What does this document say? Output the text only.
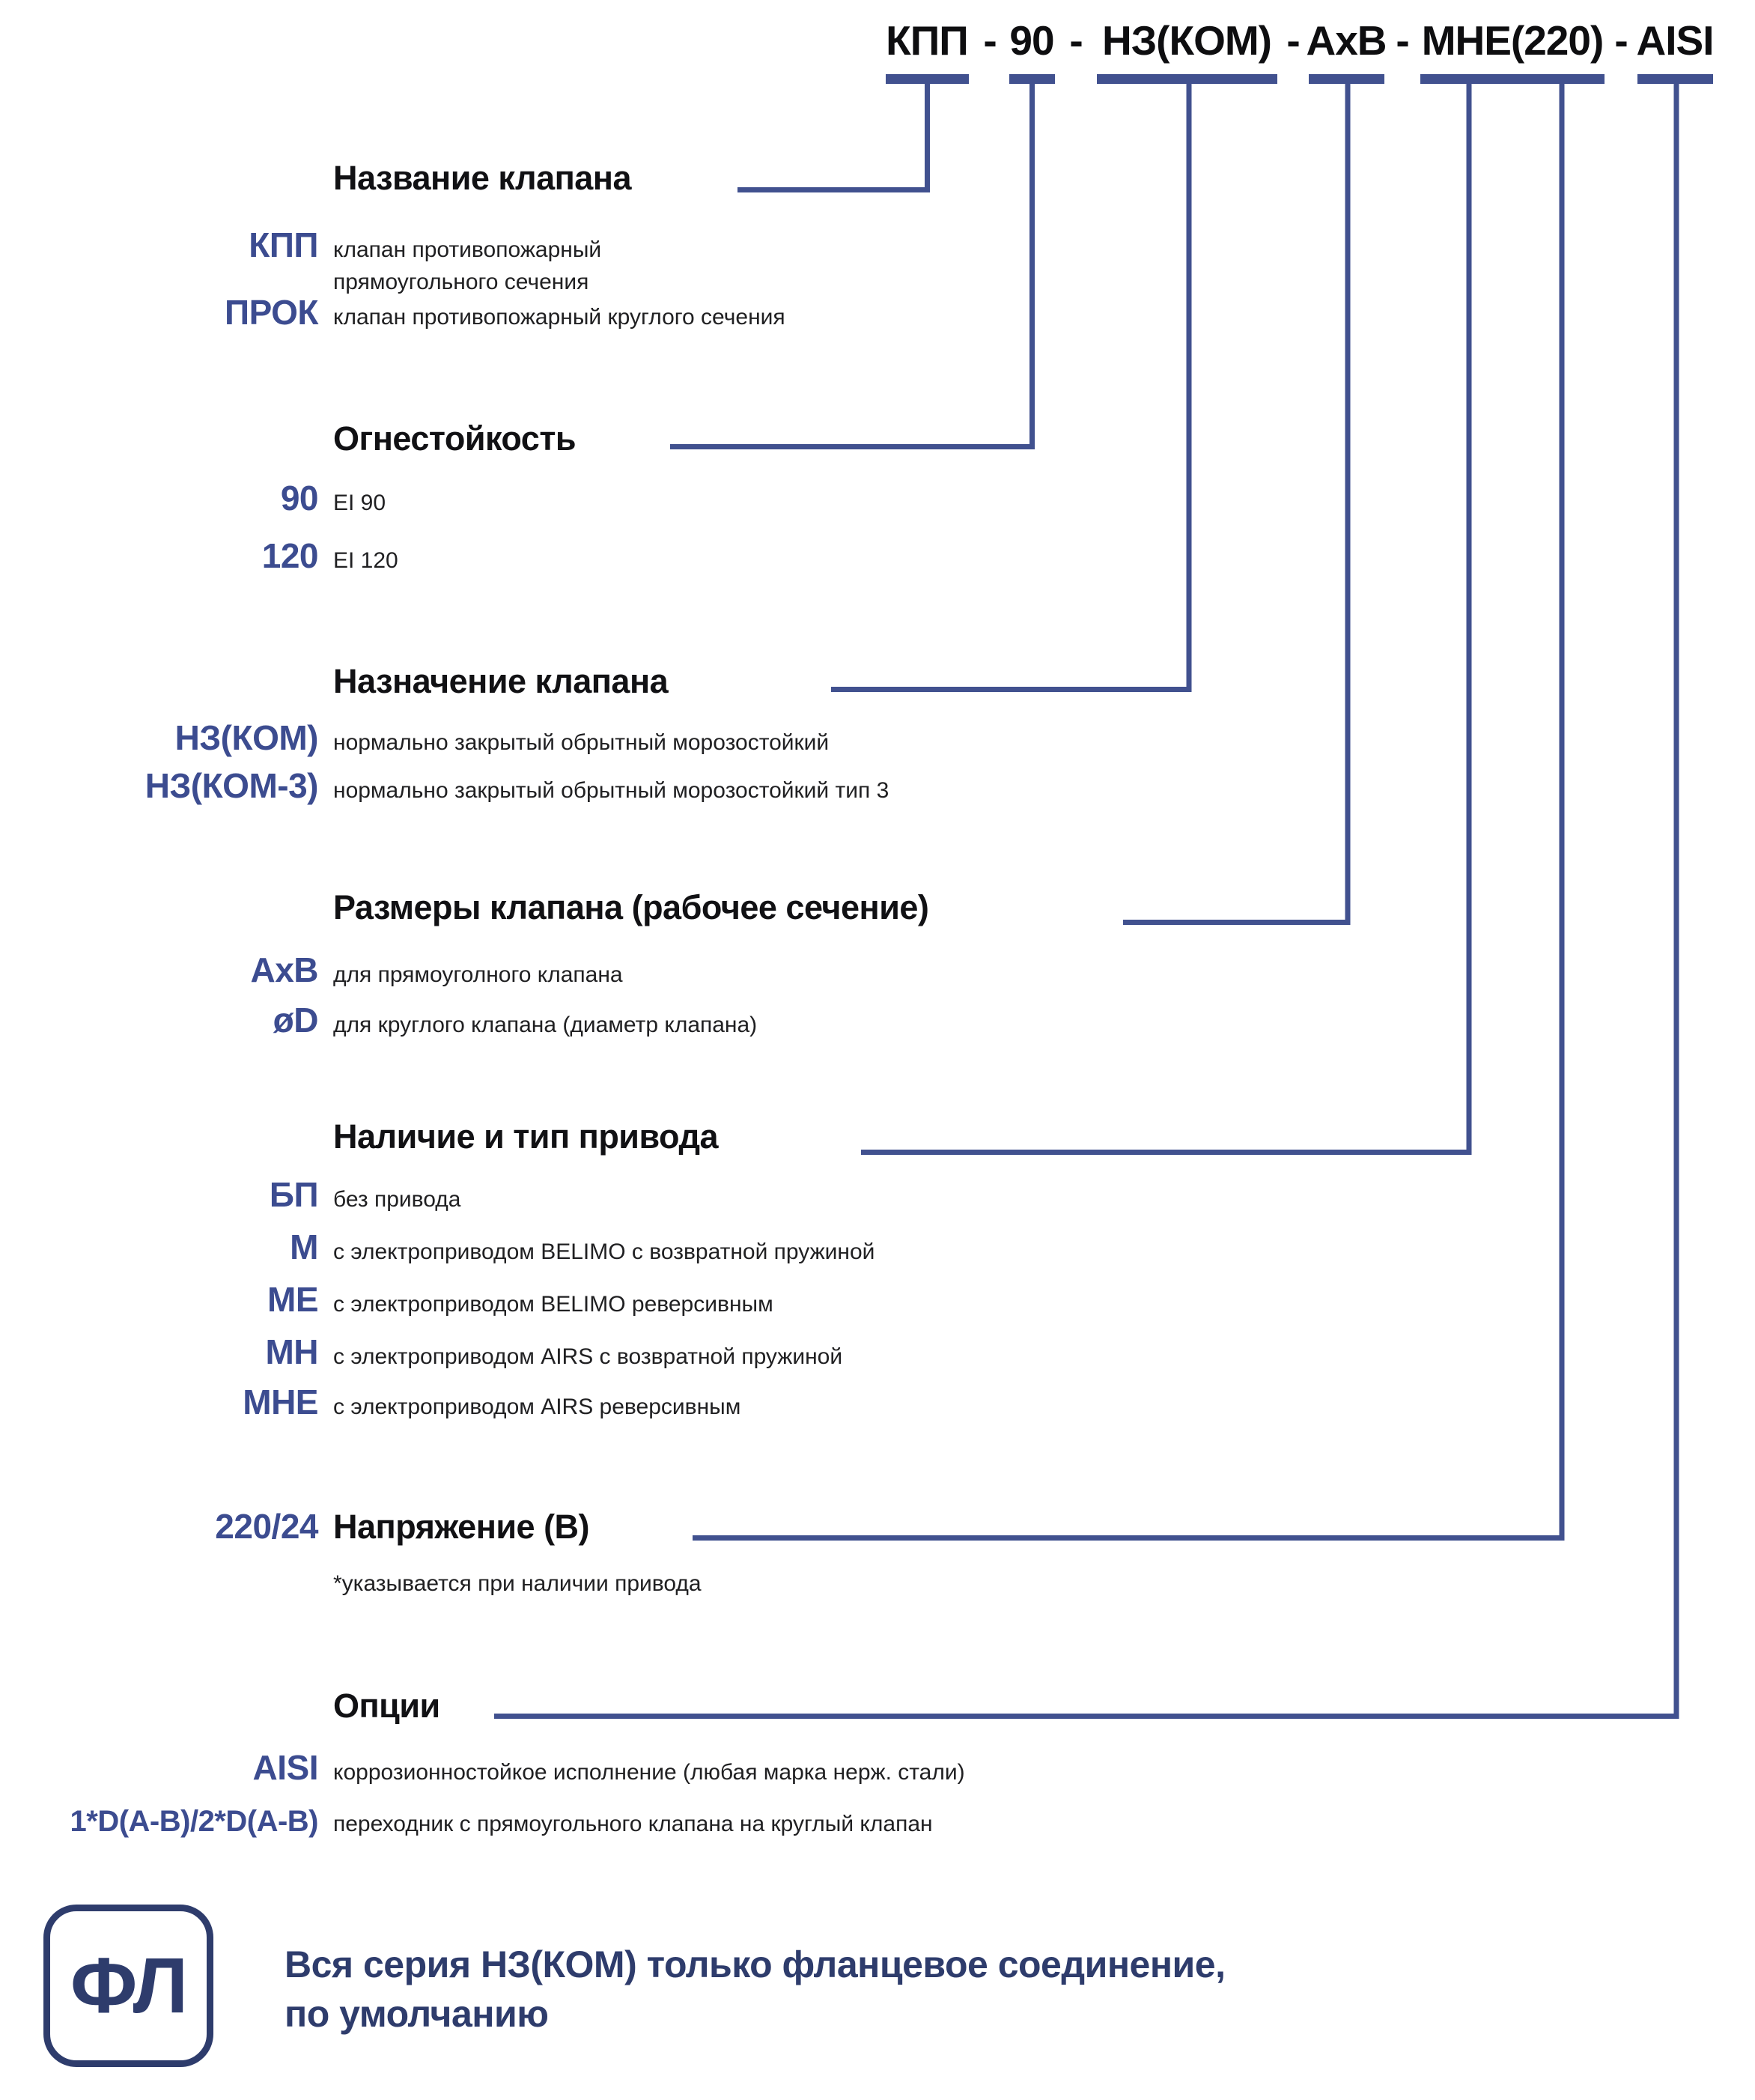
КПП - 90 - НЗ(КОМ) - АхВ - МНЕ(220) - AISI
Название клапана
КПП клапан противопожарный
прямоугольного сечения
ПРОК клапан противопожарный круглого сечения
Огнестойкость
90 EI 90
120 EI 120
Назначение клапана
НЗ(КОМ) нормально закрытый обрытный морозостойкий
НЗ(КОМ-3) нормально закрытый обрытный морозостойкий тип 3
Размеры клапана (рабочее сечение)
АхВ для прямоуголного клапана
øD для круглого клапана (диаметр клапана)
Наличие и тип привода
БП без привода
М с электроприводом BELIMO с возвратной пружиной
МЕ с электроприводом BELIMO реверсивным
МН с электроприводом AIRS с возвратной пружиной
МНЕ с электроприводом AIRS реверсивным
220/24 Напряжение (В)
*указывается при наличии привода
Опции
AISI коррозионностойкое исполнение (любая марка нерж. стали)
1*D(A-B)/2*D(A-B) переходник с прямоугольного клапана на круглый клапан
ФЛ	Вся серия НЗ(КОМ) только фланцевое соединение,
по умолчанию
